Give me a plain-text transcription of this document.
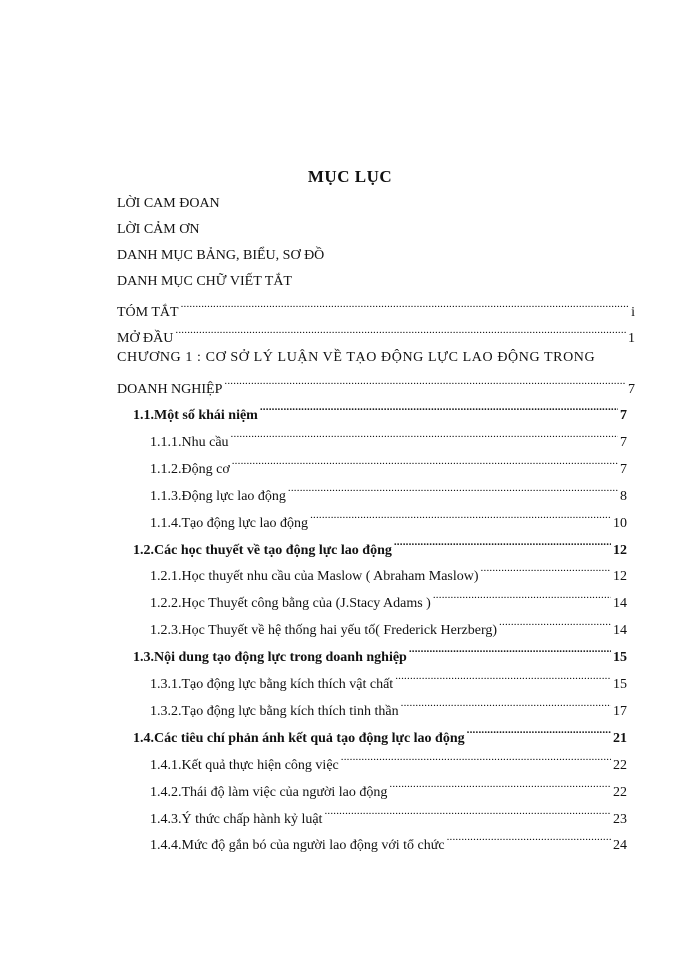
MỤC LỤC
LỜI CAM ĐOAN
LỜI CẢM ƠN
DANH MỤC BẢNG, BIỂU, SƠ ĐỒ
DANH MỤC CHỮ VIẾT TẮT
TÓM TẮT .....	i
MỞ ĐẦU .....	1
CHƯƠNG 1 : CƠ SỞ LÝ LUẬN VỀ TẠO ĐỘNG LỰC LAO ĐỘNG TRONG
DOANH NGHIỆP .....	7
1.1.Một số khái niệm .....	7
1.1.1.Nhu cầu .....	7
1.1.2.Động cơ .....	7
1.1.3.Động lực lao động .....	8
1.1.4.Tạo động lực lao động .....	10
1.2.Các học thuyết về tạo động lực lao động .....	12
1.2.1.Học thuyết nhu cầu của Maslow ( Abraham Maslow) .....	12
1.2.2.Học Thuyết công bằng của (J.Stacy Adams ) .....	14
1.2.3.Học Thuyết về hệ thống hai yếu tố( Frederick Herzberg) .....	14
1.3.Nội dung tạo động lực trong doanh nghiệp .....	15
1.3.1.Tạo động lực bằng kích thích vật chất .....	15
1.3.2.Tạo động lực bằng kích thích tinh thần .....	17
1.4.Các tiêu chí phản ánh kết quả tạo động lực lao động .....	21
1.4.1.Kết quả thực hiện công việc .....	22
1.4.2.Thái độ làm việc của người lao động .....	22
1.4.3.Ý thức chấp hành kỷ luật .....	23
1.4.4.Mức độ gắn bó của người lao động với tổ chức .....	24
